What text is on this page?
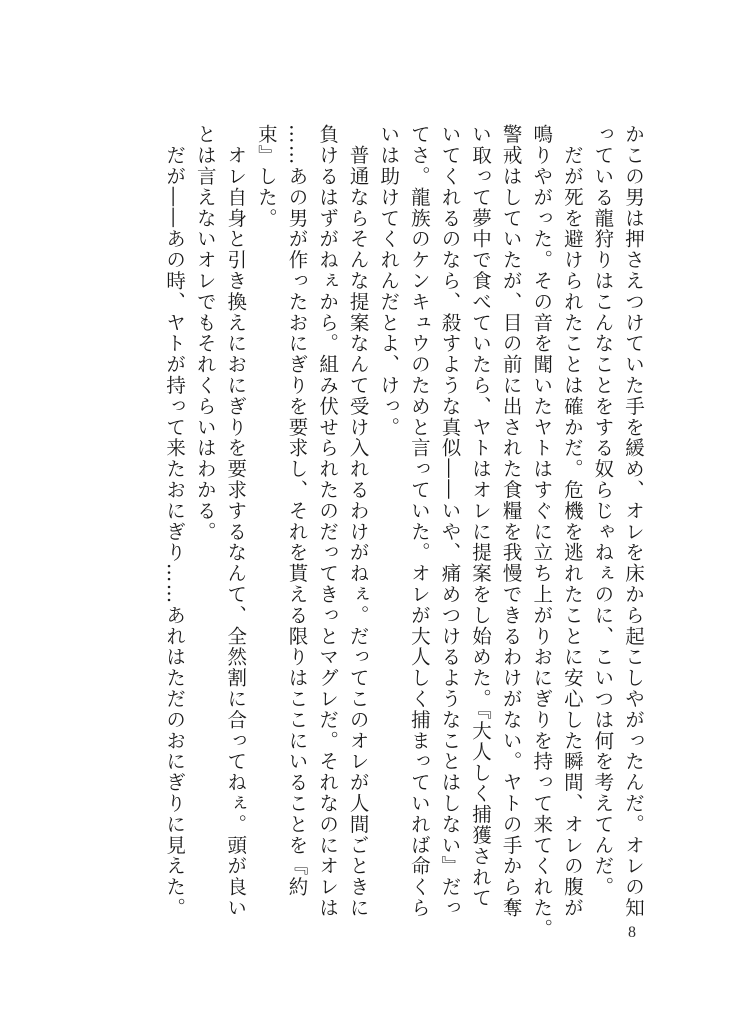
かこの男は押さえつけていた手を緩め、オレを床から起こしやがったんだ。オレの知
っている龍狩りはこんなことをする奴らじゃねぇのに、こいつは何を考えてんだ。
　だが死を避けられたことは確かだ。危機を逃れたことに安心した瞬間、オレの腹が
鳴りやがった。その音を聞いたヤトはすぐに立ち上がりおにぎりを持って来てくれた。
警戒はしていたが、目の前に出された食糧を我慢できるわけがない。ヤトの手から奪
い取って夢中で食べていたら、ヤトはオレに提案をし始めた。『大人しく捕獲されて
いてくれるのなら、殺すような真似――いや、痛めつけるようなことはしない』だっ
てさ。龍族のケンキュウのためと言っていた。オレが大人しく捕まっていれば命くら
いは助けてくれんだとよ、けっ。
　普通ならそんな提案なんて受け入れるわけがねぇ。だってこのオレが人間ごときに
負けるはずがねぇから。組み伏せられたのだってきっとマグレだ。それなのにオレは
……あの男が作ったおにぎりを要求し、それを貰える限りはここにいることを『約
束』した。
　オレ自身と引き換えにおにぎりを要求するなんて、全然割に合ってねぇ。頭が良い
とは言えないオレでもそれくらいはわかる。
　だが――あの時、ヤトが持って来たおにぎり……あれはただのおにぎりに見えた。
8
